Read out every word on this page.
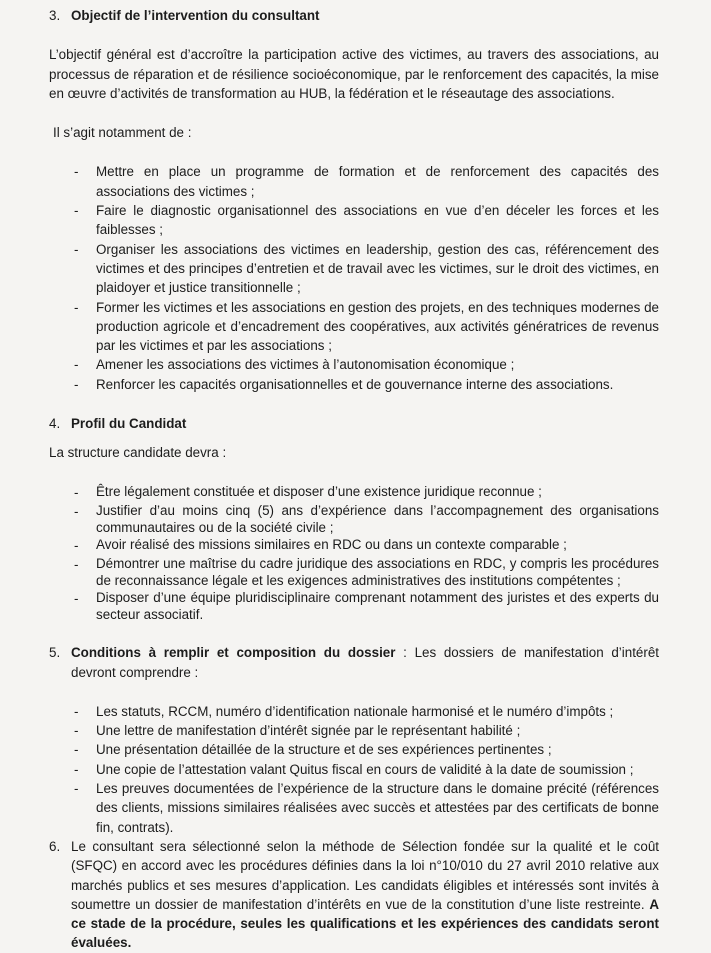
3. Objectif de l’intervention du consultant

L’objectif général est d’accroître la participation active des victimes, au travers des associations, au processus de réparation et de résilience socioéconomique, par le renforcement des capacités, la mise en œuvre d’activités de transformation au HUB, la fédération et le réseautage des associations.

Il s’agit notamment de :

-	Mettre en place un programme de formation et de renforcement des capacités des associations des victimes ;
-	Faire le diagnostic organisationnel des associations en vue d’en déceler les forces et les faiblesses ;
-	Organiser les associations des victimes en leadership, gestion des cas, référencement des victimes et des principes d’entretien et de travail avec les victimes, sur le droit des victimes, en plaidoyer et justice transitionnelle ;
-	Former les victimes et les associations en gestion des projets, en des techniques modernes de production agricole et d’encadrement des coopératives, aux activités génératrices de revenus par les victimes et par les associations ;
-	Amener les associations des victimes à l’autonomisation économique ;
-	Renforcer les capacités organisationnelles et de gouvernance interne des associations.
4. Profil du Candidat

La structure candidate devra :

-	Être légalement constituée et disposer d’une existence juridique reconnue ;
-	Justifier d’au moins cinq (5) ans d’expérience dans l’accompagnement des organisations communautaires ou de la société civile ;
-	Avoir réalisé des missions similaires en RDC ou dans un contexte comparable ;
-	Démontrer une maîtrise du cadre juridique des associations en RDC, y compris les procédures de reconnaissance légale et les exigences administratives des institutions compétentes ;
-	Disposer d’une équipe pluridisciplinaire comprenant notamment des juristes et des experts du secteur associatif.
5. Conditions à remplir et composition du dossier : Les dossiers de manifestation d’intérêt devront comprendre :
-	Les statuts, RCCM, numéro d’identification nationale harmonisé et le numéro d’impôts ;
-	Une lettre de manifestation d’intérêt signée par le représentant habilité ;
-	Une présentation détaillée de la structure et de ses expériences pertinentes ;
-	Une copie de l’attestation valant Quitus fiscal en cours de validité à la date de soumission ;
-	Les preuves documentées de l’expérience de la structure dans le domaine précité (références des clients, missions similaires réalisées avec succès et attestées par des certificats de bonne fin, contrats).
6. Le consultant sera sélectionné selon la méthode de Sélection fondée sur la qualité et le coût (SFQC) en accord avec les procédures définies dans la loi n°10/010 du 27 avril 2010 relative aux marchés publics et ses mesures d’application. Les candidats éligibles et intéressés sont invités à soumettre un dossier de manifestation d’intérêts en vue de la constitution d’une liste restreinte. A ce stade de la procédure, seules les qualifications et les expériences des candidats seront évaluées.
